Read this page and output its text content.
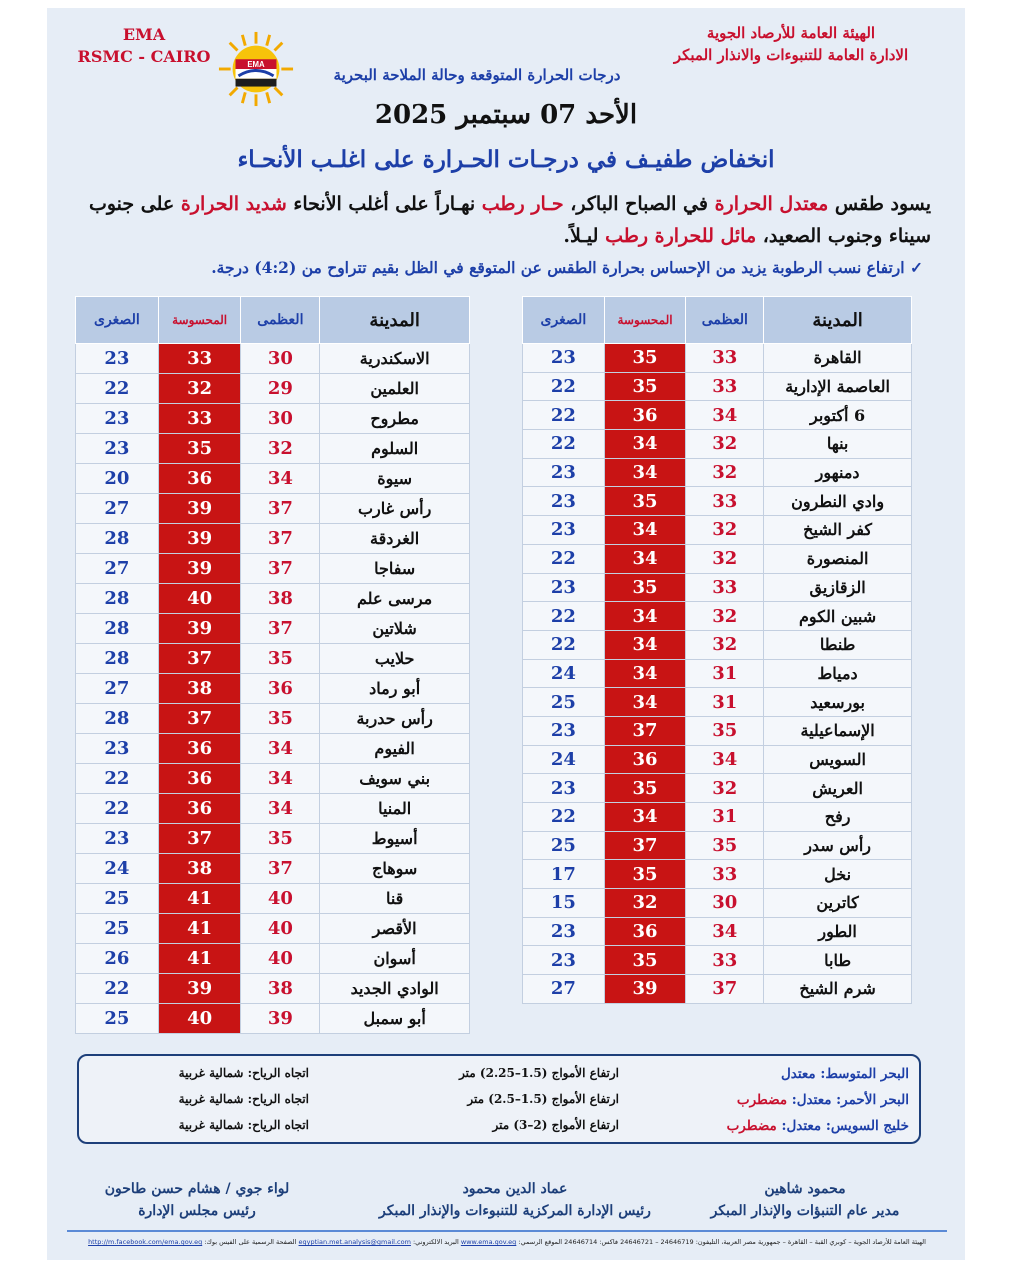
الهيئة العامة للأرصاد الجوية
الادارة العامة للتنبوءات والانذار المبكر
EMA
RSMC - CAIRO	EMA
درجات الحرارة المتوقعة وحالة الملاحة البحرية
الأحد 07 سبتمبر 2025
انخفاض طفيـف في درجـات الحـرارة على اغلـب الأنحـاء
يسود طقس معتدل الحرارة في الصباح الباكر، حـار رطب نهـاراً على أغلب الأنحاء شديد الحرارة على جنوب سيناء وجنوب الصعيد، مائل للحرارة رطب ليـلاً.
✓ ارتفاع نسب الرطوبة يزيد من الإحساس بحرارة الطقس عن المتوقع في الظل بقيم تتراوح من (4:2) درجة.
المدينة	العظمى	المحسوسة	الصغرى
القاهرة	33	35	23
العاصمة الإدارية	33	35	22
6 أكتوبر	34	36	22
بنها	32	34	22
دمنهور	32	34	23
وادي النطرون	33	35	23
كفر الشيخ	32	34	23
المنصورة	32	34	22
الزقازيق	33	35	23
شبين الكوم	32	34	22
طنطا	32	34	22
دمياط	31	34	24
بورسعيد	31	34	25
الإسماعيلية	35	37	23
السويس	34	36	24
العريش	32	35	23
رفح	31	34	22
رأس سدر	35	37	25
نخل	33	35	17
كاترين	30	32	15
الطور	34	36	23
طابا	33	35	23
شرم الشيخ	37	39	27
المدينة	العظمى	المحسوسة	الصغرى
الاسكندرية	30	33	23
العلمين	29	32	22
مطروح	30	33	23
السلوم	32	35	23
سيوة	34	36	20
رأس غارب	37	39	27
الغردقة	37	39	28
سفاجا	37	39	27
مرسى علم	38	40	28
شلاتين	37	39	28
حلايب	35	37	28
أبو رماد	36	38	27
رأس حدربة	35	37	28
الفيوم	34	36	23
بني سويف	34	36	22
المنيا	34	36	22
أسيوط	35	37	23
سوهاج	37	38	24
قنا	40	41	25
الأقصر	40	41	25
أسوان	40	41	26
الوادي الجديد	38	39	22
أبو سمبل	39	40	25
البحر المتوسط: معتدل
ارتفاع الأمواج (1.5–2.25) متر
اتجاه الرياح: شمالية غربية
البحر الأحمر: معتدل: مضطرب
ارتفاع الأمواج (1.5–2.5) متر
اتجاه الرياح: شمالية غربية
خليج السويس: معتدل: مضطرب
ارتفاع الأمواج (2–3) متر
اتجاه الرياح: شمالية غربية
محمود شاهين
مدير عام التنبؤات والإنذار المبكر
عماد الدين محمود
رئيس الإدارة المركزية للتنبوءات والإنذار المبكر
لواء جوي / هشام حسن طاحون
رئيس مجلس الإدارة
الهيئة العامة للأرصاد الجوية – كوبري القبة – القاهرة – جمهورية مصر العربية، التليفون: 24646719 – 24646721 فاكس: 24646714 الموقع الرسمي: www.ema.gov.eg البريد الالكتروني: egyptian.met.analysis@gmail.com الصفحة الرسمية على الفيس بوك: http://m.facebook.com/ema.gov.eg
